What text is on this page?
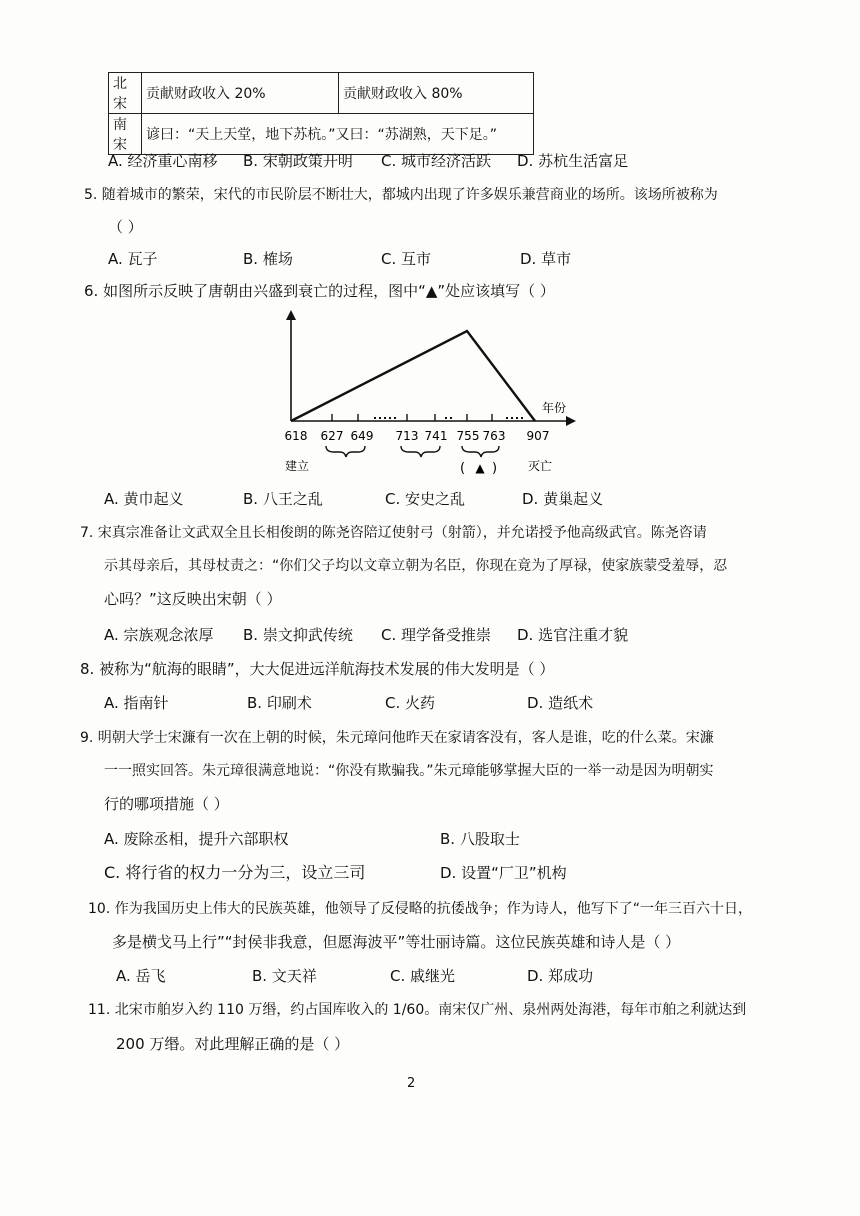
北宋	贡献财政收入 20%	贡献财政收入 80%
南宋	谚曰：“天上天堂，地下苏杭。”又曰：“苏湖熟，天下足。”	
A. 经济重心南移 B. 宋朝政策开明 C. 城市经济活跃 D. 苏杭生活富足
5. 随着城市的繁荣，宋代的市民阶层不断壮大，都城内出现了许多娱乐兼营商业的场所。该场所被称为
（ ）
A. 瓦子	B. 榷场	C. 互市	D. 草市
6. 如图所示反映了唐朝由兴盛到衰亡的过程，图中“▲”处应该填写（ ）
年份
618 627 649 713 741 755 763 907
建立	灭亡
( ▲ )
A. 黄巾起义	B. 八王之乱	C. 安史之乱	D. 黄巢起义
7. 宋真宗准备让文武双全且长相俊朗的陈尧咨陪辽使射弓（射箭），并允诺授予他高级武官。陈尧咨请
示其母亲后，其母杖责之：“你们父子均以文章立朝为名臣，你现在竟为了厚禄，使家族蒙受羞辱，忍
心吗？”这反映出宋朝（ ）
A. 宗族观念浓厚 B. 崇文抑武传统 C. 理学备受推崇 D. 选官注重才貌
8. 被称为“航海的眼睛”，大大促进远洋航海技术发展的伟大发明是（ ）
A. 指南针	B. 印刷术	C. 火药	D. 造纸术
9. 明朝大学士宋濂有一次在上朝的时候，朱元璋问他昨天在家请客没有，客人是谁，吃的什么菜。宋濂
一一照实回答。朱元璋很满意地说：“你没有欺骗我。”朱元璋能够掌握大臣的一举一动是因为明朝实
行的哪项措施（ ）
A. 废除丞相，提升六部职权	B. 八股取士
C. 将行省的权力一分为三，设立三司	D. 设置“厂卫”机构
10. 作为我国历史上伟大的民族英雄，他领导了反侵略的抗倭战争；作为诗人，他写下了“一年三百六十日，
多是横戈马上行”“封侯非我意，但愿海波平”等壮丽诗篇。这位民族英雄和诗人是（ ）
A. 岳飞	B. 文天祥	C. 戚继光	D. 郑成功
11. 北宋市舶岁入约 110 万缗，约占国库收入的 1/60。南宋仅广州、泉州两处海港，每年市舶之利就达到
200 万缗。对此理解正确的是（ ）
2
